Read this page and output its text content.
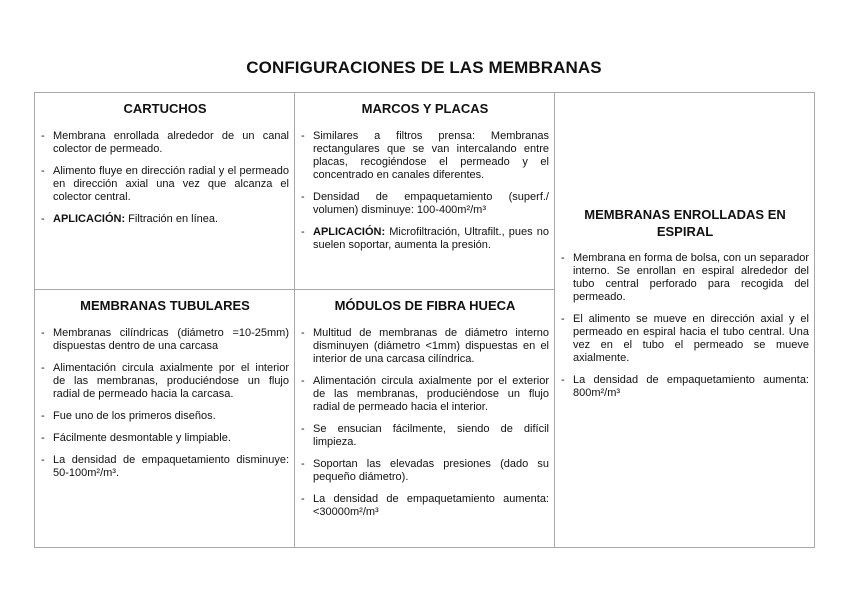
CONFIGURACIONES DE LAS MEMBRANAS
CARTUCHOS
- Membrana enrollada alrededor de un canal colector de permeado.
- Alimento fluye en dirección radial y el permeado en dirección axial una vez que alcanza el colector central.
- APLICACIÓN: Filtración en línea.
MARCOS Y PLACAS
- Similares a filtros prensa: Membranas rectangulares que se van intercalando entre placas, recogiéndose el permeado y el concentrado en canales diferentes.
- Densidad de empaquetamiento (superf./ volumen) disminuye: 100-400m²/m³
- APLICACIÓN: Microfiltración, Ultrafilt., pues no suelen soportar, aumenta la presión.
MEMBRANAS TUBULARES
- Membranas cilíndricas (diámetro =10-25mm) dispuestas dentro de una carcasa
- Alimentación circula axialmente por el interior de las membranas, produciéndose un flujo radial de permeado hacia la carcasa.
- Fue uno de los primeros diseños.
- Fácilmente desmontable y limpiable.
- La densidad de empaquetamiento disminuye: 50-100m²/m³.
MÓDULOS DE FIBRA HUECA
- Multitud de membranas de diámetro interno disminuyen (diámetro <1mm) dispuestas en el interior de una carcasa cilíndrica.
- Alimentación circula axialmente por el exterior de las membranas, produciéndose un flujo radial de permeado hacia el interior.
- Se ensucian fácilmente, siendo de difícil limpieza.
- Soportan las elevadas presiones (dado su pequeño diámetro).
- La densidad de empaquetamiento aumenta: <30000m²/m³
MEMBRANAS ENROLLADAS EN ESPIRAL
- Membrana en forma de bolsa, con un separador interno. Se enrollan en espiral alrededor del tubo central perforado para recogida del permeado.
- El alimento se mueve en dirección axial y el permeado en espiral hacia el tubo central. Una vez en el tubo el permeado se mueve axialmente.
- La densidad de empaquetamiento aumenta: 800m²/m³
